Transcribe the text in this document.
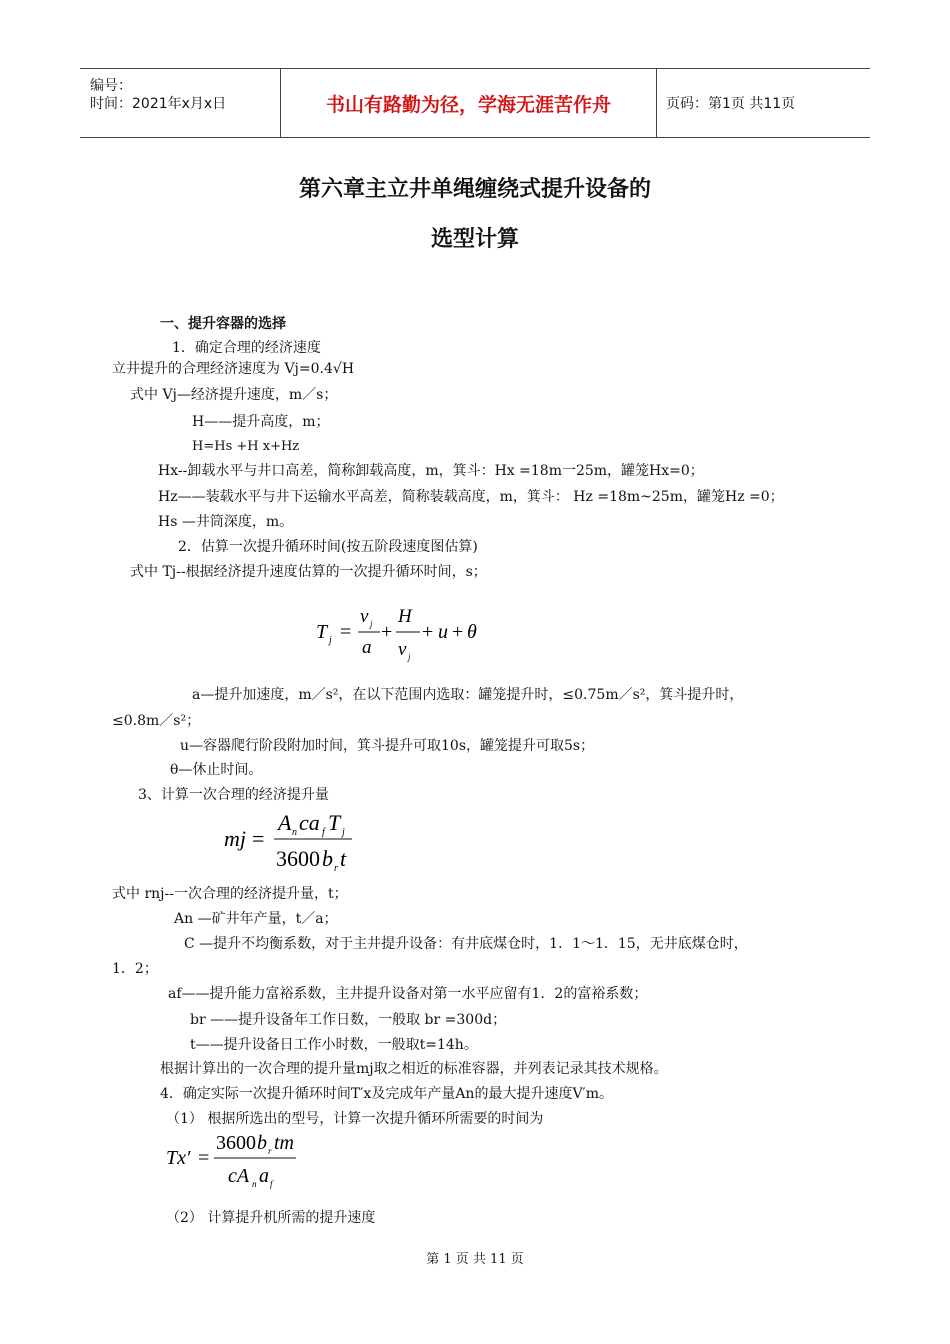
编号：
时间：2021年x月x日	书山有路勤为径，学海无涯苦作舟	页码：第1页 共11页
第六章主立井单绳缠绕式提升设备的
选型计算
一、提升容器的选择
1．确定合理的经济速度
立井提升的合理经济速度为 Vj=0.4√H
式中 Vj—经济提升速度，m／s；
H——提升高度，m；
H=Hs +H x+Hz
Hx--卸载水平与井口高差，简称卸载高度，m，箕斗：Hx =18m一25m，罐笼Hx=0；
Hz——装载水平与井下运输水平高差，简称装载高度，m，箕斗： Hz =18m~25m，罐笼Hz =0；
Hs —井筒深度，m。
2．估算一次提升循环时间(按五阶段速度图估算)
式中 Tj--根据经济提升速度估算的一次提升循环时间，s；
T j =
v j
a
+
H
v j
+ u + θ
a—提升加速度，m／s²，在以下范围内选取：罐笼提升时，≤0.75m／s²，箕斗提升时，
≤0.8m／s²；
u—容器爬行阶段附加时间，箕斗提升可取10s，罐笼提升可取5s；
θ—休止时间。
3、计算一次合理的经济提升量
mj =
A n ca f T j
3600 b r t
式中 rnj--一次合理的经济提升量，t；
An —矿井年产量，t／a；
C —提升不均衡系数，对于主井提升设备：有井底煤仓时，1．1～1．15，无井底煤仓时，
1．2；
af——提升能力富裕系数，主井提升设备对第一水平应留有1．2的富裕系数；
br ——提升设备年工作日数，一般取 br =300d；
t——提升设备日工作小时数，一般取t=14h。
根据计算出的一次合理的提升量mj取之相近的标准容器，并列表记录其技术规格。
4．确定实际一次提升循环时间T′x及完成年产量An的最大提升速度V′m。
（1） 根据所选出的型号，计算一次提升循环所需要的时间为
Tx′ =
3600 b r tm
cA n a f
（2） 计算提升机所需的提升速度
第 1 页 共 11 页
